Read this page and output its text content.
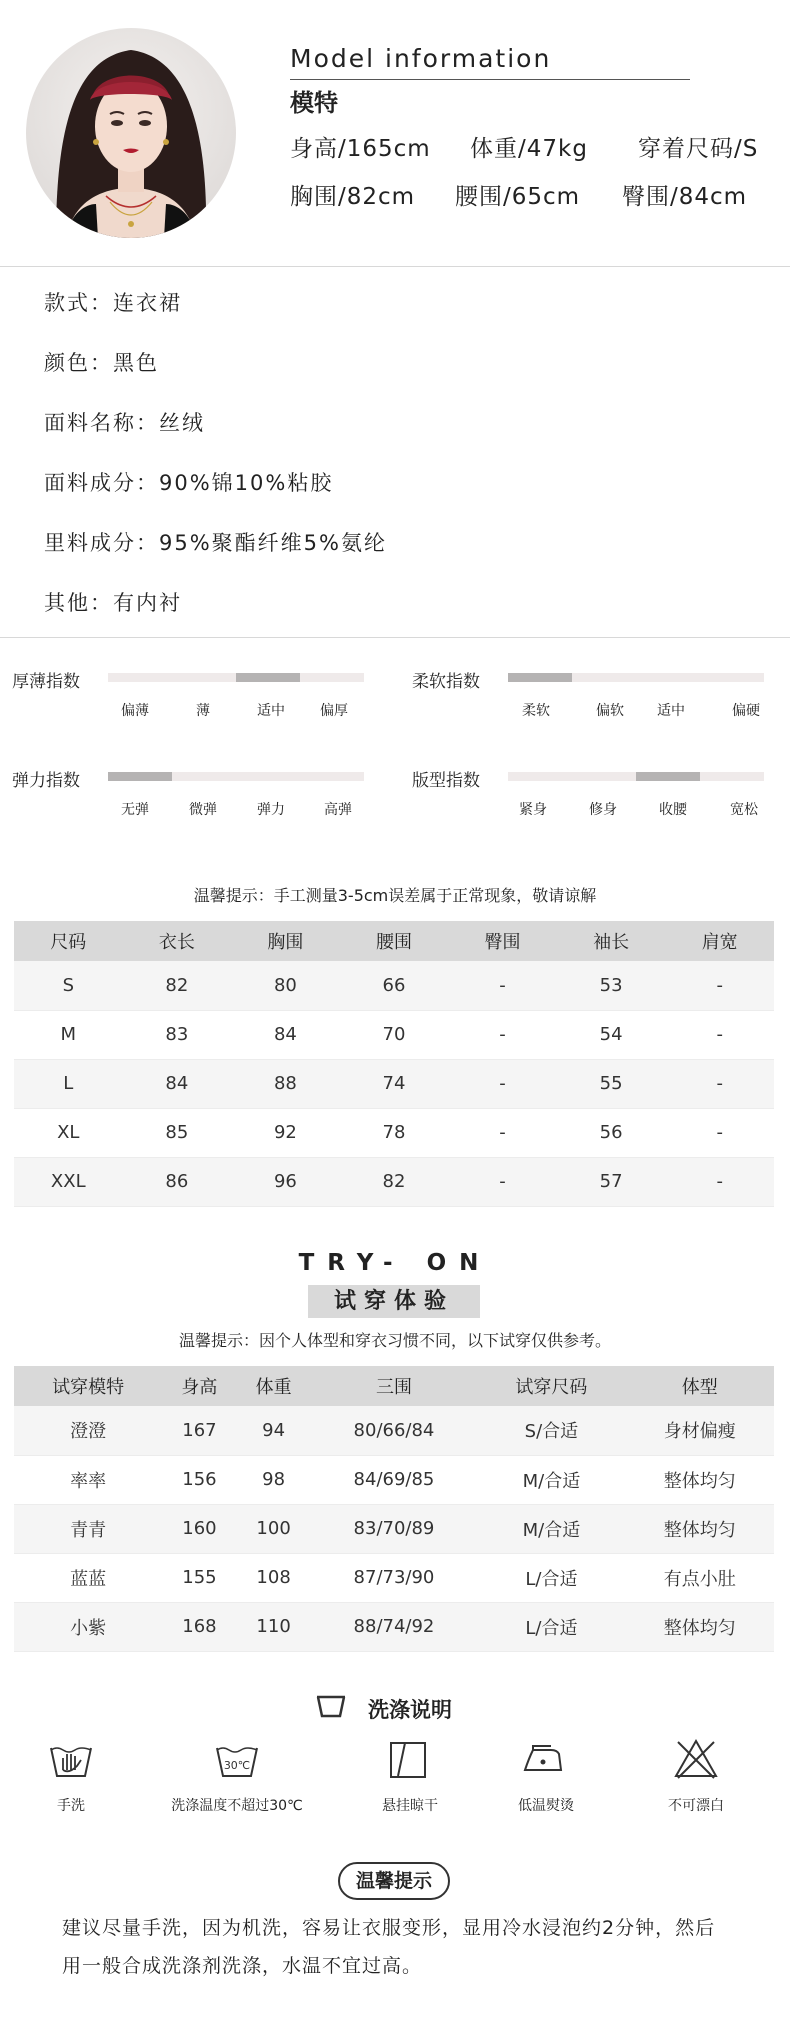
Model information
模特
身高/165cm 体重/47kg 穿着尺码/S
胸围/82cm 腰围/65cm 臀围/84cm
款式：连衣裙
颜色：黑色
面料名称：丝绒
面料成分：90%锦10%粘胶
里料成分：95%聚酯纤维5%氨纶
其他：有内衬
厚薄指数
偏薄	薄	适中	偏厚
柔软指数
柔软	偏软 适中	偏硬
弹力指数
无弹	微弹	弹力	高弹
版型指数
紧身	修身	收腰	宽松
温馨提示：手工测量3-5cm误差属于正常现象，敬请谅解
尺码	衣长	胸围	腰围	臀围	袖长	肩宽
S	82	80	66	-	53	-
M	83	84	70	-	54	-
L	84	88	74	-	55	-
XL	85	92	78	-	56	-
XXL	86	96	82	-	57	-
TRY- ON
试穿体验
温馨提示：因个人体型和穿衣习惯不同，以下试穿仅供参考。
试穿模特	身高	体重	三围	试穿尺码	体型
澄澄	167	94	80/66/84	S/合适	身材偏瘦
率率	156	98	84/69/85	M/合适	整体均匀
青青	160	100	83/70/89	M/合适	整体均匀
蓝蓝	155	108	87/73/90	L/合适	有点小肚
小紫	168	110	88/74/92	L/合适	整体均匀
洗涤说明
30℃
手洗	洗涤温度不超过30℃	悬挂晾干	低温熨烫	不可漂白
温馨提示
建议尽量手洗，因为机洗，容易让衣服变形，显用冷水浸泡约2分钟，然后
用一般合成洗涤剂洗涤，水温不宜过高。
